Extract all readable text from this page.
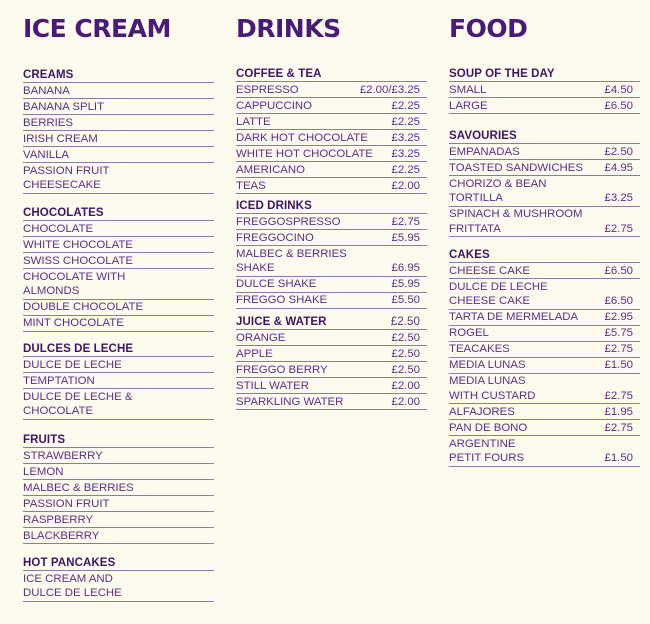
ICE CREAM
CREAMS
BANANA
BANANA SPLIT
BERRIES
IRISH CREAM
VANILLA
PASSION FRUIT
CHEESECAKE
CHOCOLATES
CHOCOLATE
WHITE CHOCOLATE
SWISS CHOCOLATE
CHOCOLATE WITH
ALMONDS
DOUBLE CHOCOLATE
MINT CHOCOLATE
DULCES DE LECHE
DULCE DE LECHE
TEMPTATION
DULCE DE LECHE &
CHOCOLATE
FRUITS
STRAWBERRY
LEMON
MALBEC & BERRIES
PASSION FRUIT
RASPBERRY
BLACKBERRY
HOT PANCAKES
ICE CREAM AND
DULCE DE LECHE
DRINKS
COFFEE & TEA
ESPRESSO	£2.00/£3.25
CAPPUCCINO	£2.25
LATTE	£2.25
DARK HOT CHOCOLATE £3.25
WHITE HOT CHOCOLATE £3.25
AMERICANO	£2.25
TEAS	£2.00
ICED DRINKS
FREGGOSPRESSO	£2.75
FREGGOCINO	£5.95
MALBEC & BERRIES
SHAKE	£6.95
DULCE SHAKE	£5.95
FREGGO SHAKE	£5.50
JUICE & WATER	£2.50
ORANGE	£2.50
APPLE	£2.50
FREGGO BERRY	£2.50
STILL WATER	£2.00
SPARKLING WATER	£2.00
FOOD
SOUP OF THE DAY
SMALL	£4.50
LARGE	£6.50
SAVOURIES
EMPANADAS	£2.50
TOASTED SANDWICHES £4.95
CHORIZO & BEAN
TORTILLA	£3.25
SPINACH & MUSHROOM
FRITTATA	£2.75
CAKES
CHEESE CAKE	£6.50
DULCE DE LECHE
CHEESE CAKE	£6.50
TARTA DE MERMELADA £2.95
ROGEL	£5.75
TEACAKES	£2.75
MEDIA LUNAS	£1.50
MEDIA LUNAS
WITH CUSTARD	£2.75
ALFAJORES	£1.95
PAN DE BONO	£2.75
ARGENTINE
PETIT FOURS	£1.50
